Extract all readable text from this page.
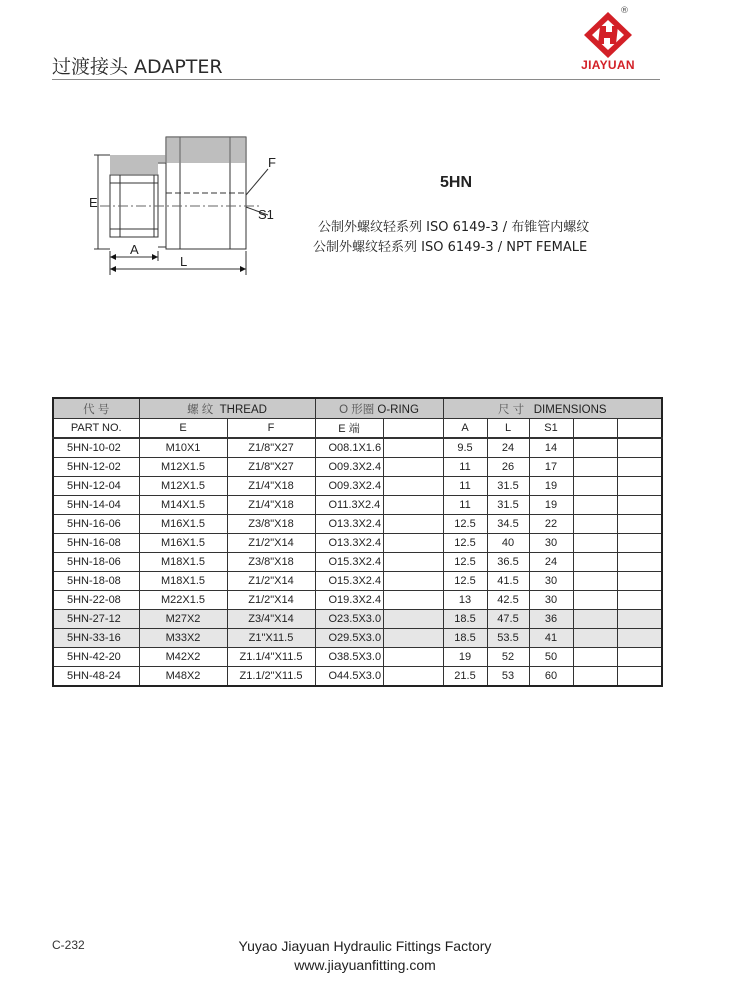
过渡接头 ADAPTER
®
JIAYUAN
E
A
L
F
S1
5HN
公制外螺纹轻系列 ISO 6149-3 / 布锥管内螺纹
公制外螺纹轻系列 ISO 6149-3 / NPT FEMALE
代 号	螺 纹 THREAD		O 形圈 O-RING		尺 寸 DIMENSIONS				
PART NO.	E	F	E 端		A	L	S1		
5HN-10-02	M10X1	Z1/8"X27	O08.1X1.6		9.5	24	14		
5HN-12-02	M12X1.5	Z1/8"X27	O09.3X2.4		11	26	17		
5HN-12-04	M12X1.5	Z1/4"X18	O09.3X2.4		11	31.5	19		
5HN-14-04	M14X1.5	Z1/4"X18	O11.3X2.4		11	31.5	19		
5HN-16-06	M16X1.5	Z3/8"X18	O13.3X2.4		12.5	34.5	22		
5HN-16-08	M16X1.5	Z1/2"X14	O13.3X2.4		12.5	40	30		
5HN-18-06	M18X1.5	Z3/8"X18	O15.3X2.4		12.5	36.5	24		
5HN-18-08	M18X1.5	Z1/2"X14	O15.3X2.4		12.5	41.5	30		
5HN-22-08	M22X1.5	Z1/2"X14	O19.3X2.4		13	42.5	30		
5HN-27-12	M27X2	Z3/4"X14	O23.5X3.0		18.5	47.5	36		
5HN-33-16	M33X2	Z1"X11.5	O29.5X3.0		18.5	53.5	41		
5HN-42-20	M42X2	Z1.1/4"X11.5	O38.5X3.0		19	52	50		
5HN-48-24	M48X2	Z1.1/2"X11.5	O44.5X3.0		21.5	53	60		
C-232	Yuyao Jiayuan Hydraulic Fittings Factory
www.jiayuanfitting.com
